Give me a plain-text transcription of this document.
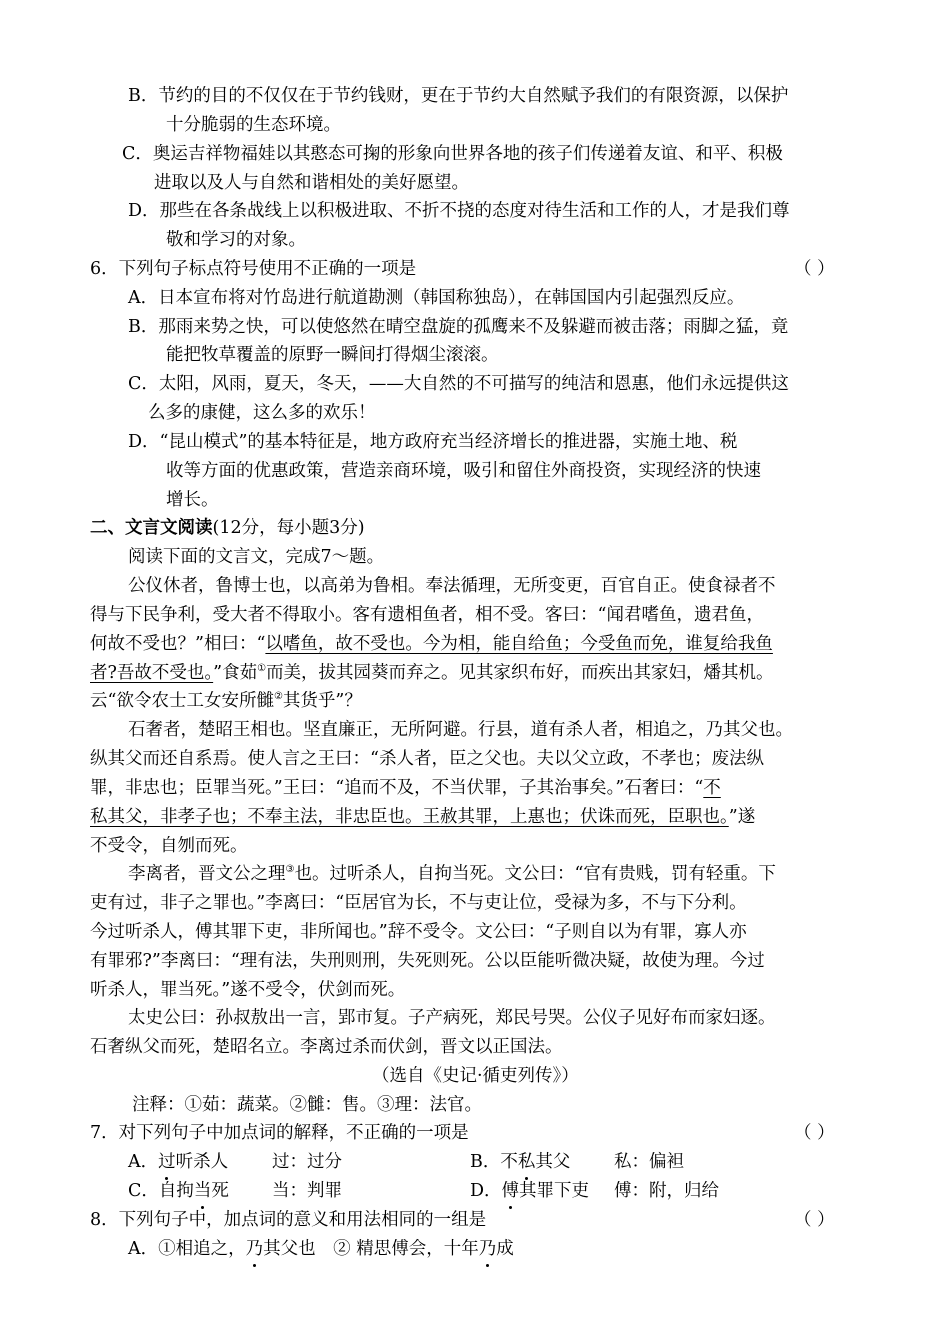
B．节约的目的不仅仅在于节约钱财，更在于节约大自然赋予我们的有限资源，以保护
十分脆弱的生态环境。
C．奥运吉祥物福娃以其憨态可掬的形象向世界各地的孩子们传递着友谊、和平、积极
进取以及人与自然和谐相处的美好愿望。
D．那些在各条战线上以积极进取、不折不挠的态度对待生活和工作的人，才是我们尊
敬和学习的对象。
6．下列句子标点符号使用不正确的一项是	（ ）
A．日本宣布将对竹岛进行航道勘测（韩国称独岛），在韩国国内引起强烈反应。
B．那雨来势之快，可以使悠然在晴空盘旋的孤鹰来不及躲避而被击落；雨脚之猛，竟
能把牧草覆盖的原野一瞬间打得烟尘滚滚。
C．太阳，风雨，夏天，冬天，——大自然的不可描写的纯洁和恩惠，他们永远提供这
么多的康健，这么多的欢乐！
D．“昆山模式”的基本特征是，地方政府充当经济增长的推进器，实施土地、税
收等方面的优惠政策，营造亲商环境，吸引和留住外商投资，实现经济的快速
增长。
二、文言文阅读(12分，每小题3分)
阅读下面的文言文，完成7～题。
公仪休者，鲁博士也，以高弟为鲁相。奉法循理，无所变更，百官自正。使食禄者不
得与下民争利，受大者不得取小。客有遗相鱼者，相不受。客曰：“闻君嗜鱼，遗君鱼，
何故不受也？”相曰：“以嗜鱼，故不受也。今为相，能自给鱼；今受鱼而免，谁复给我鱼
者?吾故不受也。”食茹①而美，拔其园葵而弃之。见其家织布好，而疾出其家妇，燔其机。
云“欲令农士工女安所雠②其货乎”？
石奢者，楚昭王相也。坚直廉正，无所阿避。行县，道有杀人者，相追之，乃其父也。
纵其父而还自系焉。使人言之王曰：“杀人者，臣之父也。夫以父立政，不孝也；废法纵
罪，非忠也；臣罪当死。”王曰：“追而不及，不当伏罪，子其治事矣。”石奢曰：“不
私其父，非孝子也；不奉主法，非忠臣也。王赦其罪，上惠也；伏诛而死，臣职也。”遂
不受令，自刎而死。
李离者，晋文公之理③也。过听杀人，自拘当死。文公曰：“官有贵贱，罚有轻重。下
吏有过，非子之罪也。”李离曰：“臣居官为长，不与吏让位，受禄为多，不与下分利。
今过听杀人，傅其罪下吏，非所闻也。”辞不受令。文公曰：“子则自以为有罪，寡人亦
有罪邪?”李离曰：“理有法，失刑则刑，失死则死。公以臣能听微决疑，故使为理。今过
听杀人，罪当死。”遂不受令，伏剑而死。
太史公曰：孙叔敖出一言，郢市复。子产病死，郑民号哭。公仪子见好布而家妇逐。
石奢纵父而死，楚昭名立。李离过杀而伏剑，晋文以正国法。
（选自《史记·循吏列传》）
注释：①茹：蔬菜。②雠：售。③理：法官。
7．对下列句子中加点词的解释，不正确的一项是	（ ）
A．过听杀人	过：过分	B．不私其父 私：偏袒
C．自拘当死 当：判罪	D．傅其罪下吏 傅：附，归给
8．下列句子中，加点词的意义和用法相同的一组是	（ ）
A．①相追之，乃其父也　② 精思傅会，十年乃成
